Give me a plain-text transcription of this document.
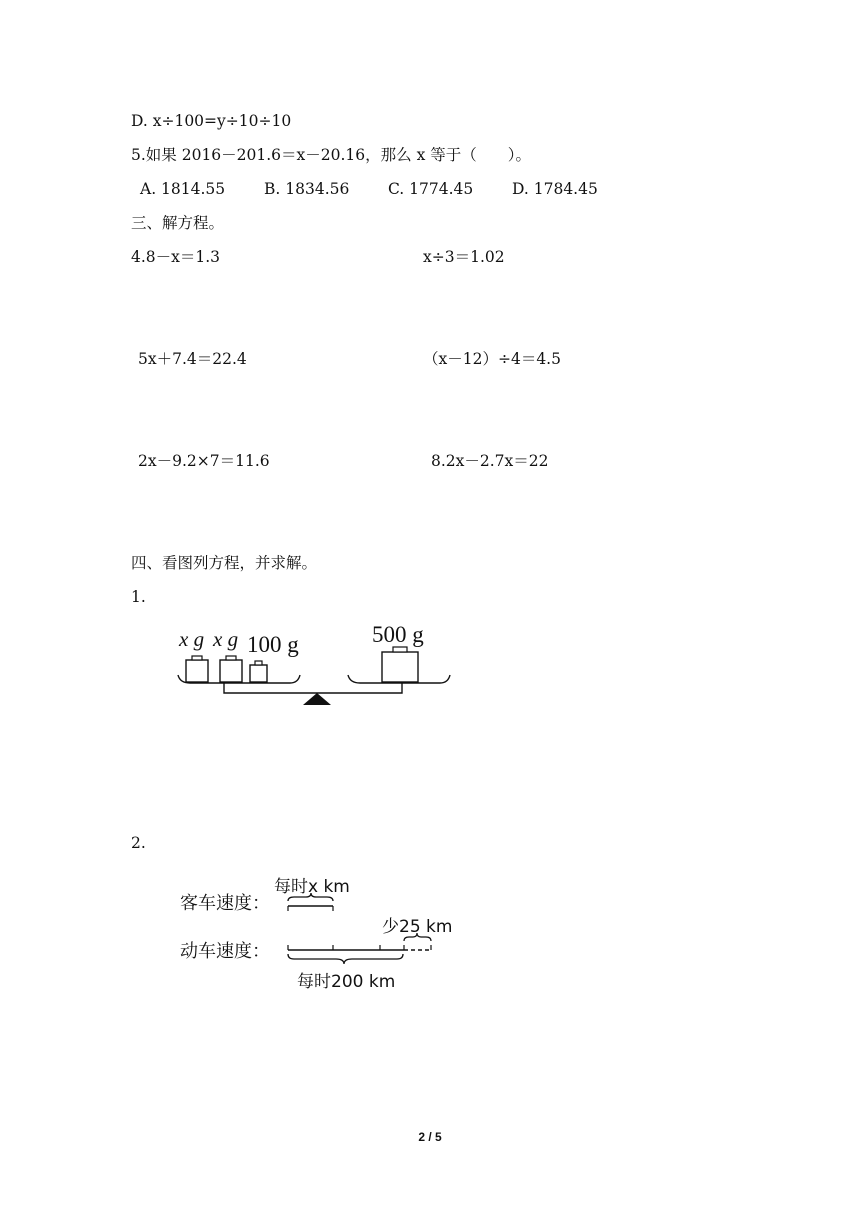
D. x÷100=y÷10÷10
5.如果 2016－201.6＝x－20.16，那么 x 等于（　　）。
A. 1814.55	B. 1834.56 C. 1774.45 D. 1784.45
三、解方程。
4.8－x＝1.3	x÷3＝1.02
5x＋7.4＝22.4	（x－12）÷4＝4.5
2x－9.2×7＝11.6	8.2x－2.7x＝22
四、看图列方程，并求解。
1.
x g x g 100 g	500 g
2.
客车速度：
每时x km
动车速度：
少25 km
每时200 km
2 / 5
